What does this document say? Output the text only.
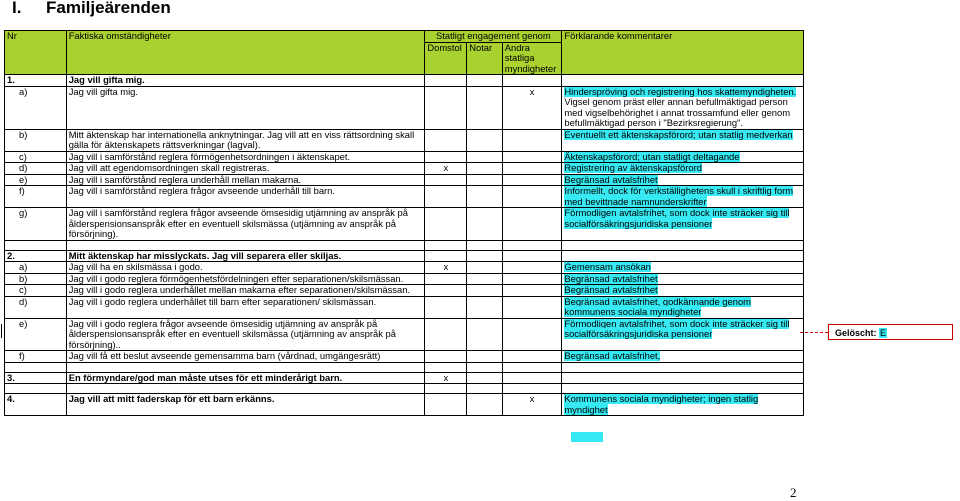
I. Familjeärenden
Nr	Faktiska omständigheter	Statligt engagement genom			Förklarande kommentarer
		Domstol	Notar	Andra statliga myndigheter	
1.	Jag vill gifta mig.				
a)	Jag vill gifta mig.			x	Hinderspröving och registrering hos skattemyndigheten. Vigsel genom präst eller annan befullmäktigad person med vigselbehörighet i annat trossamfund eller genom befullmäktigad person i "Bezirksregierung".
b)	Mitt äktenskap har internationella anknytningar. Jag vill att en viss rättsordning skall gälla för äktenskapets rättsverkningar (lagval).				Eventuellt ett äktenskapsförord; utan statlig medverkan
c)	Jag vill i samförstånd reglera förmögenhetsordningen i äktenskapet.				Äktenskapsförord; utan statligt deltagande
d)	Jag vill att egendomsordningen skall registreras.	x			Registrering av äktenskapsförord
e)	Jag vill i samförstånd reglera underhåll mellan makarna.				Begränsad avtalsfrihet
f)	Jag vill i samförstånd reglera frågor avseende underhåll till barn.				Informellt, dock för verkställighetens skull i skriftlig form med bevittnade namnunderskrifter
g)	Jag vill i samförstånd reglera frågor avseende ömsesidig utjämning av anspråk på ålderspensionsanspråk efter en eventuell skilsmässa (utjämning av anspråk på försörjning).				Förmodligen avtalsfrihet, som dock inte sträcker sig till socialförsäkringsjuridiska pensioner

2.	Mitt äktenskap har misslyckats. Jag vill separera eller skiljas.				
a)	Jag vill ha en skilsmässa i godo.	x			Gemensam ansökan
b)	Jag vill i godo reglera förmögenhetsfördelningen efter separationen/skilsmässan.				Begränsad avtalsfrihet
c)	Jag vill i godo reglera underhållet mellan makarna efter separationen/skilsmässan.				Begränsad avtalsfrihet
d)	Jag vill i godo reglera underhållet till barn efter separationen/ skilsmässan.				Begränsad avtalsfrihet, godkännande genom kommunens sociala myndigheter
e)	Jag vill i godo reglera frågor avseende ömsesidig utjämning av anspråk på ålderspensionsanspråk efter en eventuell skilsmässa (utjämning av anspråk på försörjning)..				Förmodligen avtalsfrihet, som dock inte sträcker sig till socialförsäkringsjuridiska pensioner
f)	Jag vill få ett beslut avseende gemensamma barn (vårdnad, umgängesrätt)				Begränsad avtalsfrihet,

3.	En förmyndare/god man måste utses för ett minderårigt barn.	x			

4.	Jag vill att mitt faderskap för ett barn erkänns.			x	Kommunens sociala myndigheter; ingen statlig myndighet
Gelöscht: E
2
